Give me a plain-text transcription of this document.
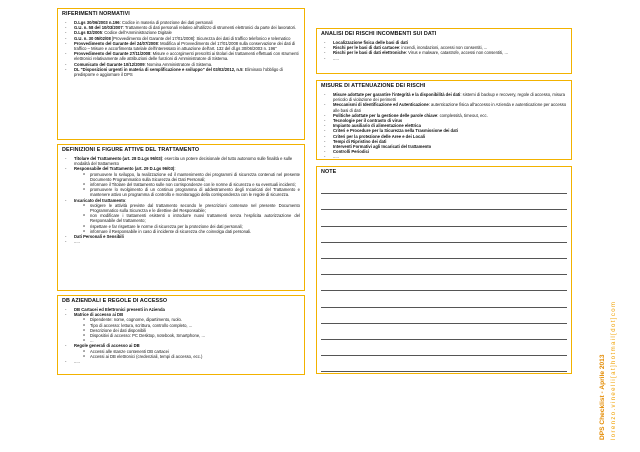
RIFERIMENTI NORMATIVI
- D.Lgs 30/06/2003 n.196: Codice in materia di protezione dei dati personali
- G.U. n. 58 del 10/03/2007: Trattamento di dati personali relativo all'utilizzo di strumenti elettronici da parte dei lavoratori.
- D.Lgs 82/2005: Codice dell'Amministrazione Digitale
- G.U. n. 30 05/02/08 [Provvedimento del Garante del 17/01/2008]: Sicurezza dei dati di traffico telefonico e telematico
- Provvedimento del Garante del 24/07/2008: Modifica al Provvedimento del 17/01/2008 sulla conservazione dei dati di traffico – Misure e accorfimenta tutelale dell'interessato in attuazione dell'art. 132 del dl.gs 30/06/2003 n. 196"
- Provvedimento del Garante 27/11/2008: Misure e accorgimenti prescritti ai titolari dei trattamenti effettuati con strumenti elettronici relativamente alle attribuzioni delle funzioni di Amministratore di Sistema.
- Comunicato del Garante 10/12/2009: Nomina Amministratore di Sistema.
- DL "Disposizioni urgenti in materia di semplificazione e sviluppo" del 03/02/2012, n.5: Eliminato l'obbligo di predisporre e aggiornare il DPS
DEFINIZIONI E FIGURE ATTIVE DEL TRATTAMENTO
- Titolare del Trattamento (art. 28 D.Lgs 96/03): esercita un potere decisionale del tutto autonomo sulle finalità e sulle modalità del trattamento
- Responsabile del Trattamento (art. 29 D.Lgs 96/03):
o promuovere lo sviluppo, la realizzazione ed il mantenimento dei programmi di sicurezza contenuti nel presente Documento Programmatico sulla Sicurezza dei Dati Personali;
o informare il Titolare del trattamento sulle non corrispondenze con le norme di sicurezza e su eventuali incidenti;
o promuovere lo svolgimento di un continuo programma di addestramento degli Incaricati del Trattamento e mantenere attivo un programma di controllo e monitoraggio della corrispondenza con le regole di sicurezza.
- Incaricato del trattamento:
o svolgere le attività previste dal trattamento secondo le prescrizioni contenute nel presente Documento Programmatico sulla Sicurezza e le direttive del Responsabile;
o non modificare i trattamenti esistenti o introdurre nuovi trattamenti senza l'esplicita autorizzazione del Responsabile del trattamento;
o rispettare e far rispettare le norme di sicurezza per la protezione dei dati personali;
o informare il Responsabile in caso di incidente di sicurezza che coinvolga dati personali.
- Dati Personali e Sensibili
- .....
DB AZIENDALI E REGOLE DI ACCESSO
- DB Cartacei ed Elettronici presenti in Azienda
- Matrice di accesso ai DB
o Dipendente: nome, cognome, dipartimento, ruolo.
o Tipo di accesso: lettura, scrittura, controllo completo, ...
o Descrizione dei dati disponibili
o Dispositivi di accesso: PC Desktop, notebook, Smartphone, ...
o ...
- Regole generali di accesso ai DB
o Accessi alle stanze contenenti DB cartacei
o Accessi ai DB elettronici (credenziali, tempi di accesso, ecc.)
- .....
ANALISI DEI RISCHI INCOMBENTI SUI DATI
- Localizzazione fisica delle basi di dati
- Rischi per le basi di dati cartacee: incendi, inondazioni, accessi non consentiti, ...
- Rischi per le basi di dati elettroniche: Virus e malware, catastrofe, accessi non consentiti, ...
- .....
MISURE DI ATTENUAZIONE DEI RISCHI
- Misure adottate per garantire l'integrità e la disponibilità dei dati: sistemi di backup e recovery, regole di accesso, misura pericolo di violazione dei perimetri
- Meccanismi di Identificazione ed Autenticazione: autenticazione fisica all'accesso in Azienda e autenticazione per accesso alle basi di dati
- Politiche adottate per la gestione delle parole chiave: complessità, timeout, ecc.
- Tecnologie per il contrasto di virus
- Impianto ausiliario di alimentazione elettrica
- Criteri e Procedure per la Sicurezza nella Trasmissione dei dati
- Criteri per la protezione delle Aree e dei Locali
- Tempi di Ripristino dei dati
- Interventi Formativi agli Incaricati del trattamento
- Controlli Periodici
- .....
NOTE
DPS Checklist - Aprile 2013 lorenzo.vineelli[at]hotmail[dot]com
